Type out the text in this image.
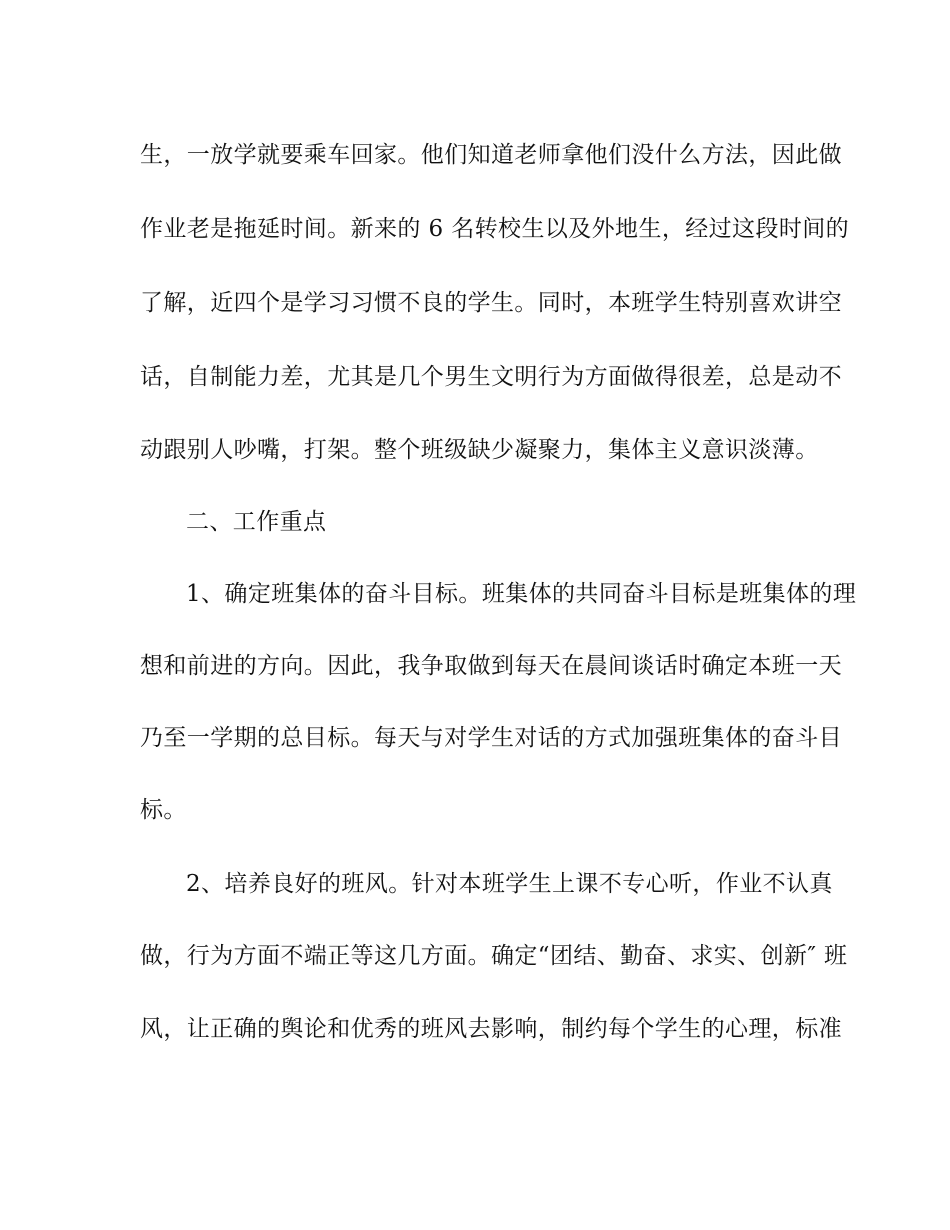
生，一放学就要乘车回家。他们知道老师拿他们没什么方法，因此做
作业老是拖延时间。新来的 6 名转校生以及外地生，经过这段时间的
了解，近四个是学习习惯不良的学生。同时，本班学生特别喜欢讲空
话，自制能力差，尤其是几个男生文明行为方面做得很差，总是动不
动跟别人吵嘴，打架。整个班级缺少凝聚力，集体主义意识淡薄。
二、工作重点
1、确定班集体的奋斗目标。班集体的共同奋斗目标是班集体的理
想和前进的方向。因此，我争取做到每天在晨间谈话时确定本班一天
乃至一学期的总目标。每天与对学生对话的方式加强班集体的奋斗目
标。
2、培养良好的班风。针对本班学生上课不专心听，作业不认真
做，行为方面不端正等这几方面。确定“团结、勤奋、求实、创新″ 班
风，让正确的舆论和优秀的班风去影响，制约每个学生的心理，标准
